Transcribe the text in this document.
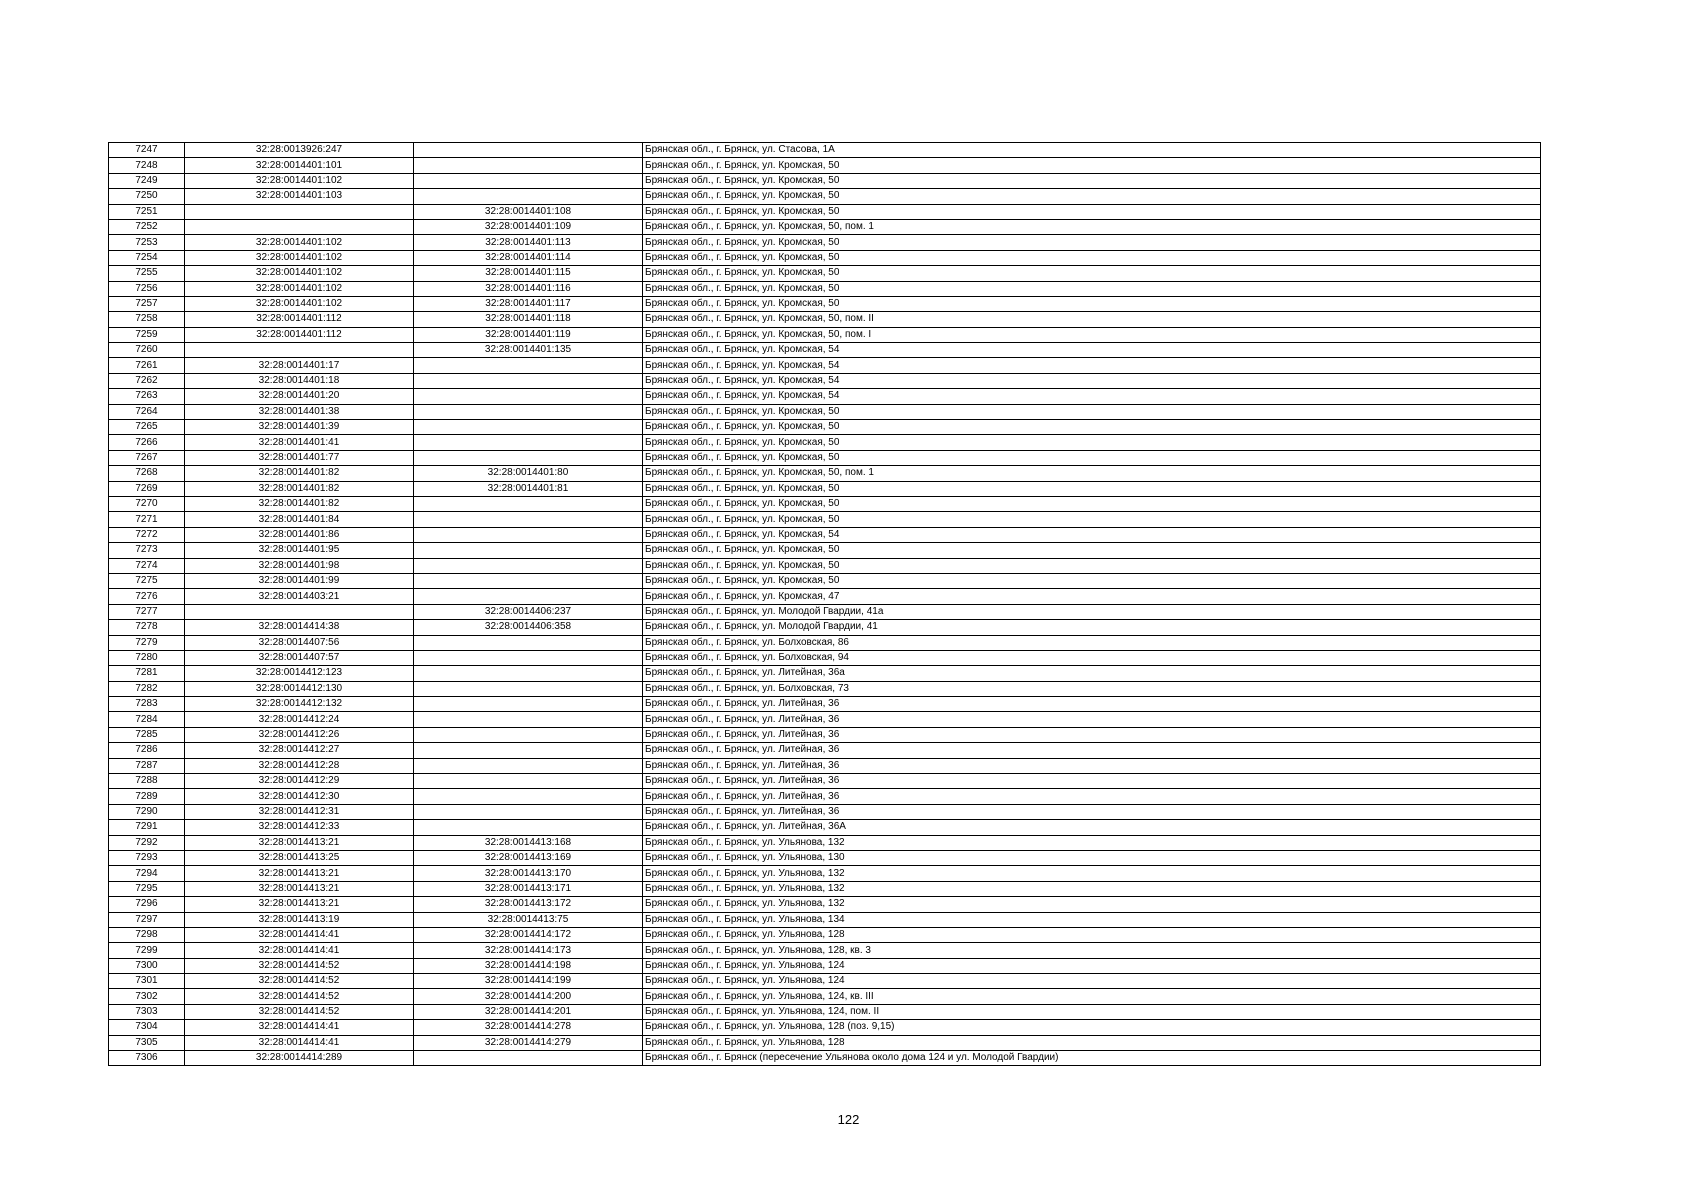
7247	32:28:0013926:247		Брянская обл., г. Брянск, ул. Стасова, 1А
7248	32:28:0014401:101		Брянская обл., г. Брянск, ул. Кромская, 50
7249	32:28:0014401:102		Брянская обл., г. Брянск, ул. Кромская, 50
7250	32:28:0014401:103		Брянская обл., г. Брянск, ул. Кромская, 50
7251		32:28:0014401:108	Брянская обл., г. Брянск, ул. Кромская, 50
7252		32:28:0014401:109	Брянская обл., г. Брянск, ул. Кромская, 50, пом. 1
7253	32:28:0014401:102	32:28:0014401:113	Брянская обл., г. Брянск, ул. Кромская, 50
7254	32:28:0014401:102	32:28:0014401:114	Брянская обл., г. Брянск, ул. Кромская, 50
7255	32:28:0014401:102	32:28:0014401:115	Брянская обл., г. Брянск, ул. Кромская, 50
7256	32:28:0014401:102	32:28:0014401:116	Брянская обл., г. Брянск, ул. Кромская, 50
7257	32:28:0014401:102	32:28:0014401:117	Брянская обл., г. Брянск, ул. Кромская, 50
7258	32:28:0014401:112	32:28:0014401:118	Брянская обл., г. Брянск, ул. Кромская, 50, пом. II
7259	32:28:0014401:112	32:28:0014401:119	Брянская обл., г. Брянск, ул. Кромская, 50, пом. I
7260		32:28:0014401:135	Брянская обл., г. Брянск, ул. Кромская, 54
7261	32:28:0014401:17		Брянская обл., г. Брянск, ул. Кромская, 54
7262	32:28:0014401:18		Брянская обл., г. Брянск, ул. Кромская, 54
7263	32:28:0014401:20		Брянская обл., г. Брянск, ул. Кромская, 54
7264	32:28:0014401:38		Брянская обл., г. Брянск, ул. Кромская, 50
7265	32:28:0014401:39		Брянская обл., г. Брянск, ул. Кромская, 50
7266	32:28:0014401:41		Брянская обл., г. Брянск, ул. Кромская, 50
7267	32:28:0014401:77		Брянская обл., г. Брянск, ул. Кромская, 50
7268	32:28:0014401:82	32:28:0014401:80	Брянская обл., г. Брянск, ул. Кромская, 50, пом. 1
7269	32:28:0014401:82	32:28:0014401:81	Брянская обл., г. Брянск, ул. Кромская, 50
7270	32:28:0014401:82		Брянская обл., г. Брянск, ул. Кромская, 50
7271	32:28:0014401:84		Брянская обл., г. Брянск, ул. Кромская, 50
7272	32:28:0014401:86		Брянская обл., г. Брянск, ул. Кромская, 54
7273	32:28:0014401:95		Брянская обл., г. Брянск, ул. Кромская, 50
7274	32:28:0014401:98		Брянская обл., г. Брянск, ул. Кромская, 50
7275	32:28:0014401:99		Брянская обл., г. Брянск, ул. Кромская, 50
7276	32:28:0014403:21		Брянская обл., г. Брянск, ул. Кромская, 47
7277		32:28:0014406:237	Брянская обл., г. Брянск, ул. Молодой Гвардии, 41а
7278	32:28:0014414:38	32:28:0014406:358	Брянская обл., г. Брянск, ул. Молодой Гвардии, 41
7279	32:28:0014407:56		Брянская обл., г. Брянск, ул. Болховская, 86
7280	32:28:0014407:57		Брянская обл., г. Брянск, ул. Болховская, 94
7281	32:28:0014412:123		Брянская обл., г. Брянск, ул. Литейная, 36а
7282	32:28:0014412:130		Брянская обл., г. Брянск, ул. Болховская, 73
7283	32:28:0014412:132		Брянская обл., г. Брянск, ул. Литейная, 36
7284	32:28:0014412:24		Брянская обл., г. Брянск, ул. Литейная, 36
7285	32:28:0014412:26		Брянская обл., г. Брянск, ул. Литейная, 36
7286	32:28:0014412:27		Брянская обл., г. Брянск, ул. Литейная, 36
7287	32:28:0014412:28		Брянская обл., г. Брянск, ул. Литейная, 36
7288	32:28:0014412:29		Брянская обл., г. Брянск, ул. Литейная, 36
7289	32:28:0014412:30		Брянская обл., г. Брянск, ул. Литейная, 36
7290	32:28:0014412:31		Брянская обл., г. Брянск, ул. Литейная, 36
7291	32:28:0014412:33		Брянская обл., г. Брянск, ул. Литейная, 36А
7292	32:28:0014413:21	32:28:0014413:168	Брянская обл., г. Брянск, ул. Ульянова, 132
7293	32:28:0014413:25	32:28:0014413:169	Брянская обл., г. Брянск, ул. Ульянова, 130
7294	32:28:0014413:21	32:28:0014413:170	Брянская обл., г. Брянск, ул. Ульянова, 132
7295	32:28:0014413:21	32:28:0014413:171	Брянская обл., г. Брянск, ул. Ульянова, 132
7296	32:28:0014413:21	32:28:0014413:172	Брянская обл., г. Брянск, ул. Ульянова, 132
7297	32:28:0014413:19	32:28:0014413:75	Брянская обл., г. Брянск, ул. Ульянова, 134
7298	32:28:0014414:41	32:28:0014414:172	Брянская обл., г. Брянск, ул. Ульянова, 128
7299	32:28:0014414:41	32:28:0014414:173	Брянская обл., г. Брянск, ул. Ульянова, 128, кв. 3
7300	32:28:0014414:52	32:28:0014414:198	Брянская обл., г. Брянск, ул. Ульянова, 124
7301	32:28:0014414:52	32:28:0014414:199	Брянская обл., г. Брянск, ул. Ульянова, 124
7302	32:28:0014414:52	32:28:0014414:200	Брянская обл., г. Брянск, ул. Ульянова, 124, кв. III
7303	32:28:0014414:52	32:28:0014414:201	Брянская обл., г. Брянск, ул. Ульянова, 124, пом. II
7304	32:28:0014414:41	32:28:0014414:278	Брянская обл., г. Брянск, ул. Ульянова, 128 (поз. 9,15)
7305	32:28:0014414:41	32:28:0014414:279	Брянская обл., г. Брянск, ул. Ульянова, 128
7306	32:28:0014414:289		Брянская обл., г. Брянск (пересечение Ульянова около дома 124 и ул. Молодой Гвардии)
122
